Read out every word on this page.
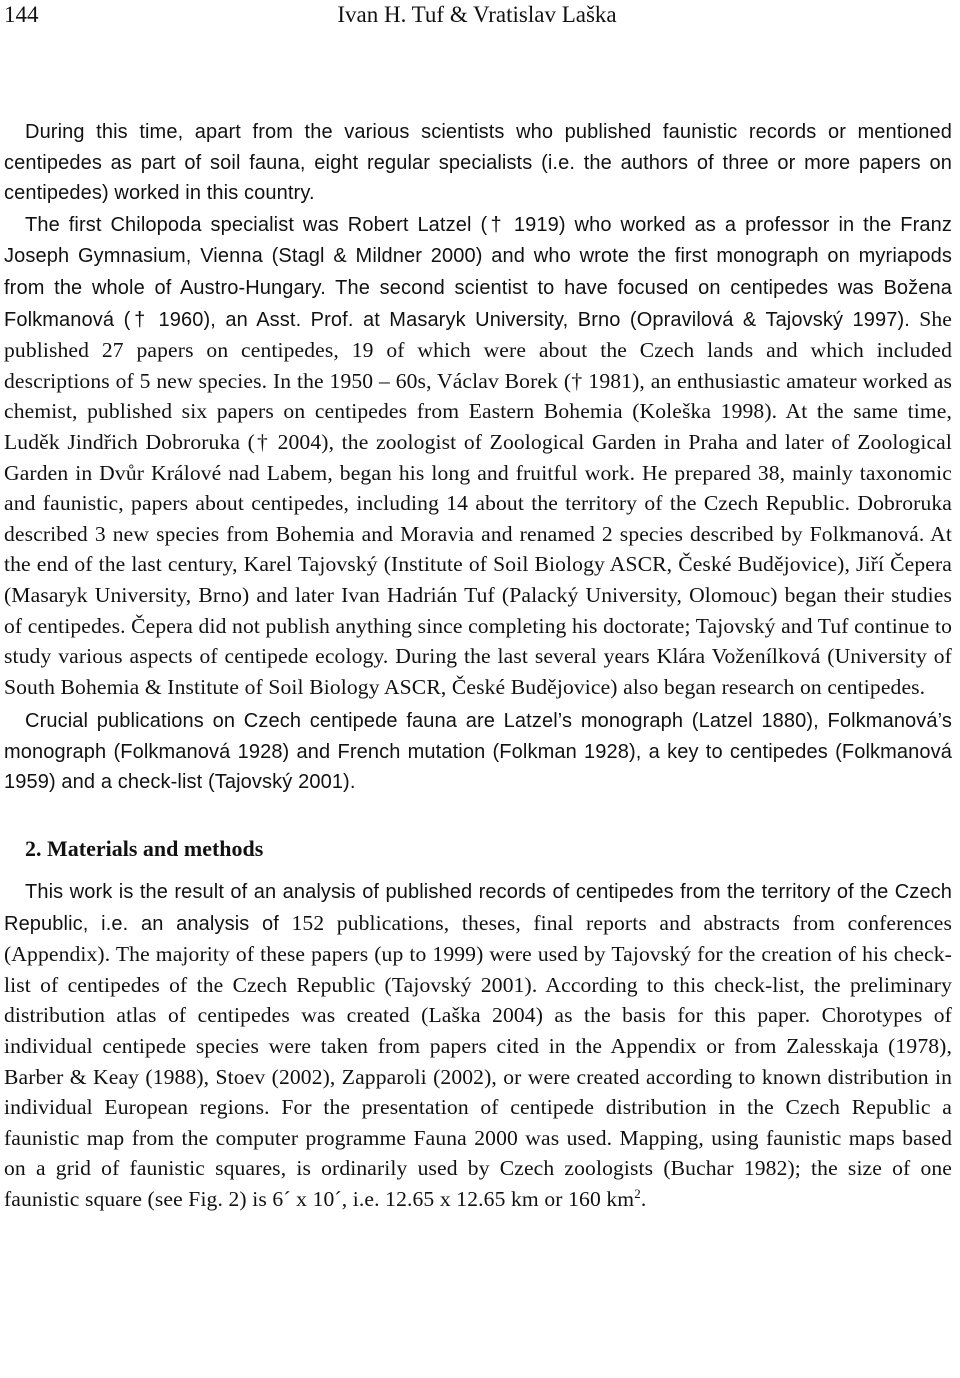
144	Ivan H. Tuf & Vratislav Laška

During this time, apart from the various scientists who published faunistic records or mentioned centipedes as part of soil fauna, eight regular specialists (i.e. the authors of three or more papers on centipedes) worked in this country.

The first Chilopoda specialist was Robert Latzel († 1919) who worked as a professor in the Franz Joseph Gymnasium, Vienna (Stagl & Mildner 2000) and who wrote the first monograph on myriapods from the whole of Austro-Hungary. The second scientist to have focused on centipedes was Božena Folkmanová († 1960), an Asst. Prof. at Masaryk University, Brno (Opravilová & Tajovský 1997). She published 27 papers on centipedes, 19 of which were about the Czech lands and which included descriptions of 5 new species. In the 1950 – 60s, Václav Borek († 1981), an enthusiastic amateur worked as chemist, published six papers on centipedes from Eastern Bohemia (Koleška 1998). At the same time, Luděk Jindřich Dobroruka († 2004), the zoologist of Zoological Garden in Praha and later of Zoological Garden in Dvůr Králové nad Labem, began his long and fruitful work. He prepared 38, mainly taxonomic and faunistic, papers about centipedes, including 14 about the territory of the Czech Republic. Dobroruka described 3 new species from Bohemia and Moravia and renamed 2 species described by Folkmanová. At the end of the last century, Karel Tajovský (Institute of Soil Biology ASCR, České Budějovice), Jiří Čepera (Masaryk University, Brno) and later Ivan Hadrián Tuf (Palacký University, Olomouc) began their studies of centipedes. Čepera did not publish anything since completing his doctorate; Tajovský and Tuf continue to study various aspects of centipede ecology. During the last several years Klára Voženílková (University of South Bohemia & Institute of Soil Biology ASCR, České Budějovice) also began research on centipedes.

Crucial publications on Czech centipede fauna are Latzel’s monograph (Latzel 1880), Folkmanová’s monograph (Folkmanová 1928) and French mutation (Folkman 1928), a key to centipedes (Folkmanová 1959) and a check-list (Tajovský 2001).

2. Materials and methods

This work is the result of an analysis of published records of centipedes from the territory of the Czech Republic, i.e. an analysis of 152 publications, theses, final reports and abstracts from conferences (Appendix). The majority of these papers (up to 1999) were used by Tajovský for the creation of his check-list of centipedes of the Czech Republic (Tajovský 2001). According to this check-list, the preliminary distribution atlas of centipedes was created (Laška 2004) as the basis for this paper. Chorotypes of individual centipede species were taken from papers cited in the Appendix or from Zalesskaja (1978), Barber & Keay (1988), Stoev (2002), Zapparoli (2002), or were created according to known distribution in individual European regions. For the presentation of centipede distribution in the Czech Republic a faunistic map from the computer programme Fauna 2000 was used. Mapping, using faunistic maps based on a grid of faunistic squares, is ordinarily used by Czech zoologists (Buchar 1982); the size of one faunistic square (see Fig. 2) is 6´ x 10´, i.e. 12.65 x 12.65 km or 160 $km^2$.
